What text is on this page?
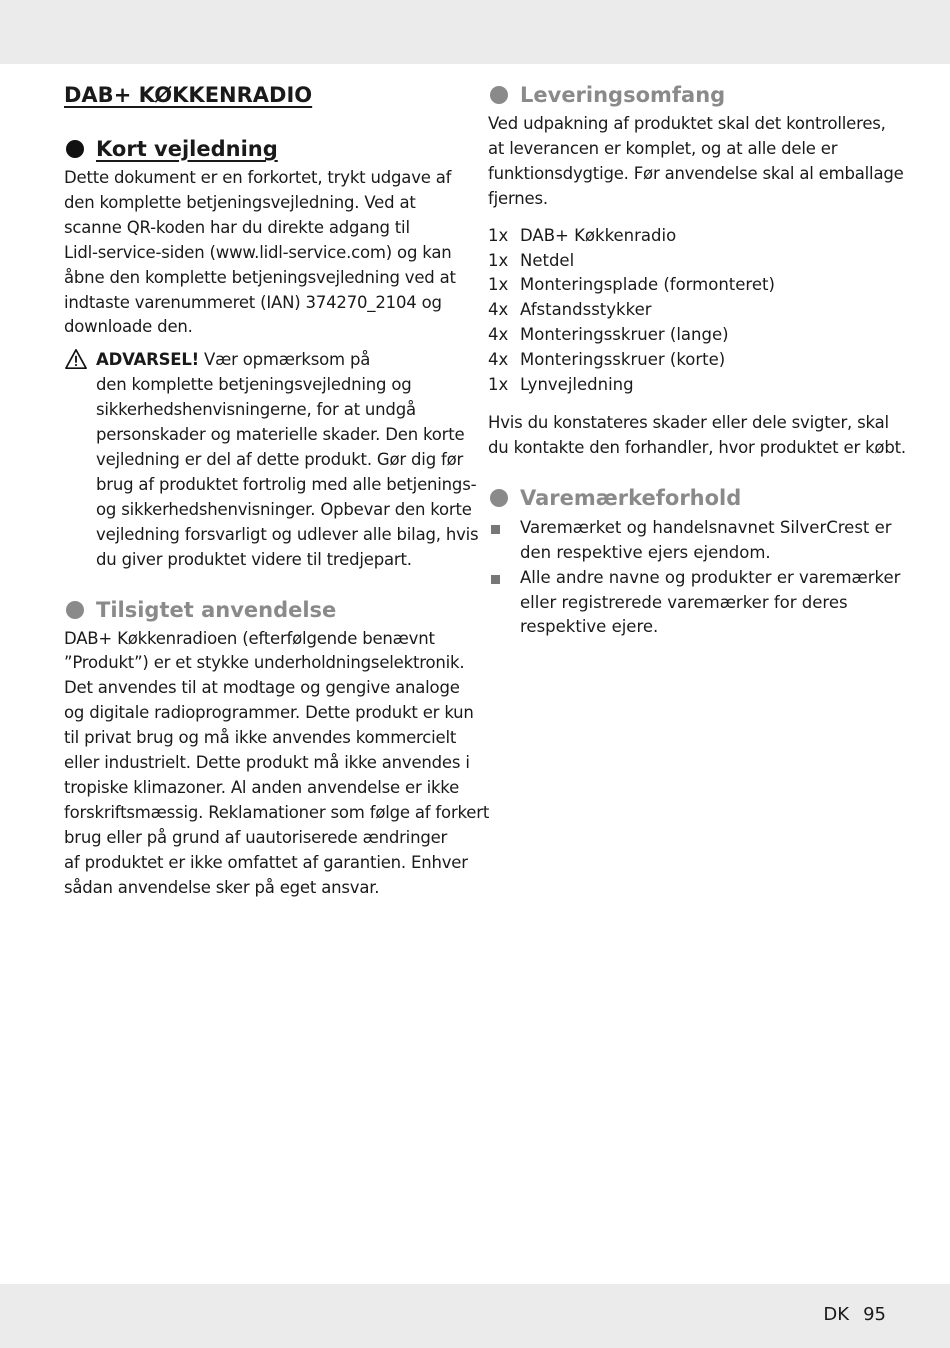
DAB+ KØKKENRADIO
Kort vejledning

Dette dokument er en forkortet, trykt udgave af
den komplette betjeningsvejledning. Ved at
scanne QR-koden har du direkte adgang til
Lidl-service-siden (www.lidl-service.com) og kan
åbne den komplette betjeningsvejledning ved at
indtaste varenummeret (IAN) 374270_2104 og
downloade den.

ADVARSEL! Vær opmærksom på
den komplette betjeningsvejledning og
sikkerhedshenvisningerne, for at undgå
personskader og materielle skader. Den korte
vejledning er del af dette produkt. Gør dig før
brug af produktet fortrolig med alle betjenings-
og sikkerhedshenvisninger. Opbevar den korte
vejledning forsvarligt og udlever alle bilag, hvis
du giver produktet videre til tredjepart.

Tilsigtet anvendelse

DAB+ Køkkenradioen (efterfølgende benævnt
”Produkt”) er et stykke underholdningselektronik.
Det anvendes til at modtage og gengive analoge
og digitale radioprogrammer. Dette produkt er kun
til privat brug og må ikke anvendes kommercielt
eller industrielt. Dette produkt må ikke anvendes i
tropiske klimazoner. Al anden anvendelse er ikke
forskriftsmæssig. Reklamationer som følge af forkert
brug eller på grund af uautoriserede ændringer
af produktet er ikke omfattet af garantien. Enhver
sådan anvendelse sker på eget ansvar.

Leveringsomfang

Ved udpakning af produktet skal det kontrolleres,
at leverancen er komplet, og at alle dele er
funktionsdygtige. Før anvendelse skal al emballage
fjernes.

1x DAB+ Køkkenradio
1x Netdel
1x Monteringsplade (formonteret)
4x Afstandsstykker
4x Monteringsskruer (lange)
4x Monteringsskruer (korte)
1x Lynvejledning

Hvis du konstateres skader eller dele svigter, skal
du kontakte den forhandler, hvor produktet er købt.

Varemærkeforhold
Varemærket og handelsnavnet SilverCrest er
den respektive ejers ejendom.
Alle andre navne og produkter er varemærker
eller registrerede varemærker for deres
respektive ejere.
DK 95
